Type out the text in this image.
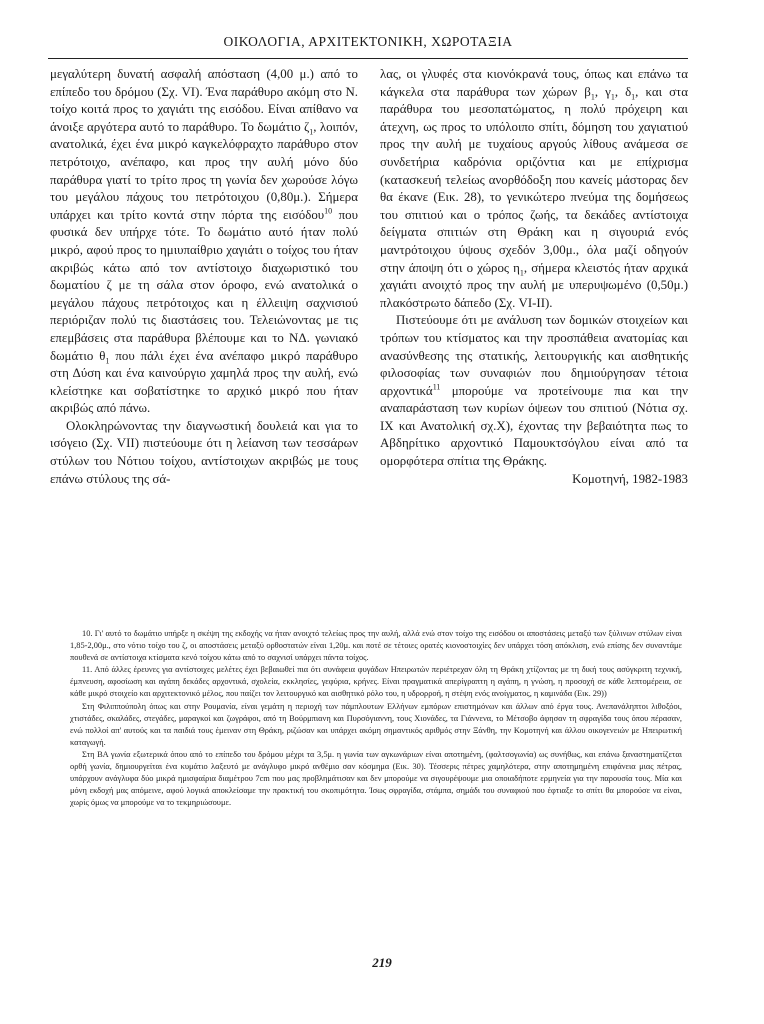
ΟΙΚΟΛΟΓΙΑ, ΑΡΧΙΤΕΚΤΟΝΙΚΗ, ΧΩΡΟΤΑΞΙΑ

μεγαλύτερη δυνατή ασφαλή απόσταση (4,00 μ.) από το επίπεδο του δρόμου (Σχ. VI). Ένα παράθυρο ακόμη στο Ν. τοίχο κοιτά προς το χαγιάτι της εισόδου. Είναι απίθανο να άνοιξε αργότερα αυτό το παράθυρο. Το δωμάτιο $\zeta_1$, λοιπόν, ανατολικά, έχει ένα μικρό καγκελόφραχτο παράθυρο στον πετρότοιχο, ανέπαφο, και προς την αυλή μόνο δύο παράθυρα γιατί το τρίτο προς τη γωνία δεν χωρούσε λόγω του μεγάλου πάχους του πετρότοιχου (0,80μ.). Σήμερα υπάρχει και τρίτο κοντά στην πόρτα της εισόδου$^{10}$ που φυσικά δεν υπήρχε τότε. Το δωμάτιο αυτό ήταν πολύ μικρό, αφού προς το ημιυπαίθριο χαγιάτι ο τοίχος του ήταν ακριβώς κάτω από τον αντίστοιχο διαχωριστικό του δωματίου ζ με τη σάλα στον όροφο, ενώ ανατολικά ο μεγάλου πάχους πετρότοιχος και η έλλειψη σαχνισιού περιόριζαν πολύ τις διαστάσεις του. Τελειώνοντας με τις επεμβάσεις στα παράθυρα βλέπουμε και το ΝΔ. γωνιακό δωμάτιο $\theta_1$ που πάλι έχει ένα ανέπαφο μικρό παράθυρο στη Δύση και ένα καινούργιο χαμηλά προς την αυλή, ενώ κλείστηκε και σοβατίστηκε το αρχικό μικρό που ήταν ακριβώς από πάνω.

Ολοκληρώνοντας την διαγνωστική δουλειά και για το ισόγειο (Σχ. VII) πιστεύουμε ότι η λείανση των τεσσάρων στύλων του Νότιου τοίχου, αντίστοιχων ακριβώς με τους επάνω στύλους της σά-

λας, οι γλυφές στα κιονόκρανά τους, όπως και επάνω τα κάγκελα στα παράθυρα των χώρων $\beta_1$, $\gamma_1$, $\delta_1$, και στα παράθυρα του μεσοπατώματος, η πολύ πρόχειρη και άτεχνη, ως προς το υπόλοιπο σπίτι, δόμηση του χαγιατιού προς την αυλή με τυχαίους αργούς λίθους ανάμεσα σε συνδετήρια καδρόνια οριζόντια και με επίχρισμα (κατασκευή τελείως ανορθόδοξη που κανείς μάστορας δεν θα έκανε (Εικ. 28), το γενικώτερο πνεύμα της δομήσεως του σπιτιού και ο τρόπος ζωής, τα δεκάδες αντίστοιχα δείγματα σπιτιών στη Θράκη και η σιγουριά ενός μαντρότοιχου ύψους σχεδόν 3,00μ., όλα μαζί οδηγούν στην άποψη ότι ο χώρος $\eta_1$, σήμερα κλειστός ήταν αρχικά χαγιάτι ανοιχτό προς την αυλή με υπερυψωμένο (0,50μ.) πλακόστρωτο δάπεδο (Σχ. VI-II).

Πιστεύουμε ότι με ανάλυση των δομικών στοιχείων και τρόπων του κτίσματος και την προσπάθεια ανατομίας και ανασύνθεσης της στατικής, λειτουργικής και αισθητικής φιλοσοφίας των συναφιών που δημιούργησαν τέτοια αρχοντικά$^{11}$ μπορούμε να προτείνουμε πια και την αναπαράσταση των κυρίων όψεων του σπιτιού (Νότια σχ. IX και Ανατολική σχ.X), έχοντας την βεβαιότητα πως το Αβδηρίτικο αρχοντικό Παμουκτσόγλου είναι από τα ομορφότερα σπίτια της Θράκης.

Κομοτηνή, 1982-1983

10. Γι' αυτό το δωμάτιο υπήρξε η σκέψη της εκδοχής να ήταν ανοιχτό τελείως προς την αυλή, αλλά ενώ στον τοίχο της εισόδου οι αποστάσεις μεταξύ των ξύλινων στύλων είναι 1,85-2,00μ., στο νότιο τοίχο του ζ, οι αποστάσεις μεταξύ ορθοστατών είναι 1,20μ. και ποτέ σε τέτοιες ορατές κιονοστοιχίες δεν υπάρχει τόση απόκλιση, ενώ επίσης δεν συναντάμε πουθενά σε αντίστοιχα κτίσματα κενό τοίχου κάτω από το σαχνισί υπάρχει πάντα τοίχος.

11. Από άλλες έρευνες για αντίστοιχες μελέτες έχει βεβαιωθεί πια ότι συνάφεια φυγάδων Ηπειρωτών περιέτρεχαν όλη τη Θράκη χτίζοντας με τη δική τους ασύγκριτη τεχνική, έμπνευση, αφοσίωση και αγάπη δεκάδες αρχοντικά, σχολεία, εκκλησίες, γεφύρια, κρήνες. Είναι πραγματικά απερίγραπτη η αγάπη, η γνώση, η προσοχή σε κάθε λεπτομέρεια, σε κάθε μικρό στοιχείο και αρχιτεκτονικό μέλος, που παίζει τον λειτουργικό και αισθητικό ρόλο του, η υδρορροή, η στέψη ενός ανοίγματος, η καμινάδα (Εικ. 29))

Στη Φιλιππούπολη όπως και στην Ρουμανία, είναι γεμάτη η περιοχή των πάμπλουτων Ελλήνων εμπόρων επιστημόνων και άλλων από έργα τους. Ανεπανάληπτοι λιθοξόοι, χτιστάδες, σκαλάδες, στεγάδες, μαραγκοί και ζωγράφοι, από τη Βούρμπιανη και Πυρσόγιαννη, τους Χιονάδες, τα Γιάννενα, το Μέτσοβο άφησαν τη σφραγίδα τους όπου πέρασαν, ενώ πολλοί απ' αυτούς και τα παιδιά τους έμειναν στη Θράκη, ριζώσαν και υπάρχει ακόμη σημαντικός αριθμός στην Ξάνθη, την Κομοτηνή και άλλου οικογενειών με Ηπειρωτική καταγωγή.

Στη ΒΑ γωνία εξωτερικά όπου από το επίπεδο του δρόμου μέχρι τα 3,5μ. η γωνία των αγκωνάριων είναι αποτημένη, (φαλτσογωνία) ως συνήθως, και επάνω ξαναστηματίζεται ορθή γωνία, δημιουργείται ένα κυμάτιο λαξευτό με ανάγλυφο μικρό ανθέμιο σαν κόσμημα (Εικ. 30). Τέσσερις πέτρες χαμηλότερα, στην αποτημημένη επιφάνεια μιας πέτρας, υπάρχουν ανάγλυφα δύο μικρά ημισφαίρια διαμέτρου 7cm που μας προβλημάτισαν και δεν μπορούμε να σιγουρέψουμε μια οποιαδήποτε ερμηνεία για την παρουσία τους. Μία και μόνη εκδοχή μας απόμεινε, αφού λογικά αποκλείσαμε την πρακτική του σκοπιμότητα. Ίσως σφραγίδα, στάμπα, σημάδι του συναφιού που έφτιαξε το σπίτι θα μπορούσε να είναι, χωρίς όμως να μπορούμε να το τεκμηριώσουμε.

219
